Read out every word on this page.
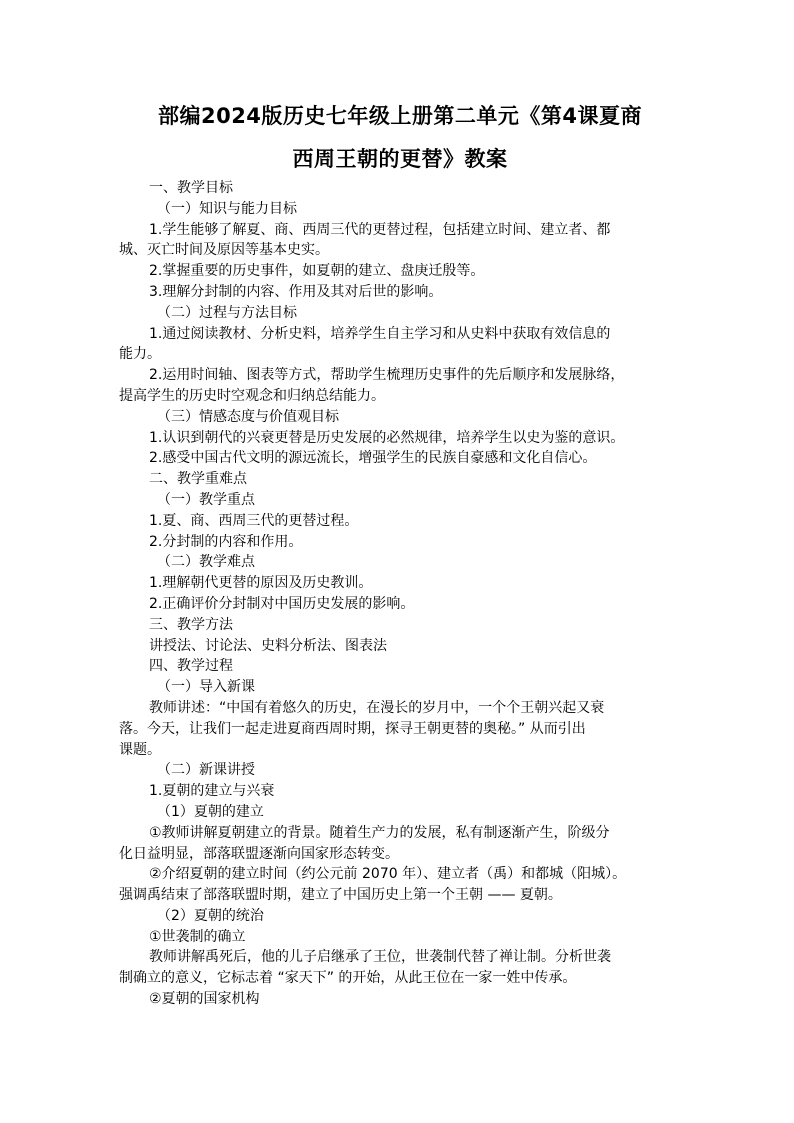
部编2024版历史七年级上册第二单元《第4课夏商
西周王朝的更替》教案

一、教学目标

（一）知识与能力目标

1.学生能够了解夏、商、西周三代的更替过程，包括建立时间、建立者、都

城、灭亡时间及原因等基本史实。

2.掌握重要的历史事件，如夏朝的建立、盘庚迁殷等。

3.理解分封制的内容、作用及其对后世的影响。

（二）过程与方法目标

1.通过阅读教材、分析史料，培养学生自主学习和从史料中获取有效信息的

能力。

2.运用时间轴、图表等方式，帮助学生梳理历史事件的先后顺序和发展脉络，

提高学生的历史时空观念和归纳总结能力。

（三）情感态度与价值观目标

1.认识到朝代的兴衰更替是历史发展的必然规律，培养学生以史为鉴的意识。

2.感受中国古代文明的源远流长，增强学生的民族自豪感和文化自信心。

二、教学重难点

（一）教学重点

1.夏、商、西周三代的更替过程。

2.分封制的内容和作用。

（二）教学难点

1.理解朝代更替的原因及历史教训。

2.正确评价分封制对中国历史发展的影响。

三、教学方法

讲授法、讨论法、史料分析法、图表法

四、教学过程

（一）导入新课

教师讲述：“中国有着悠久的历史，在漫长的岁月中，一个个王朝兴起又衰

落。今天，让我们一起走进夏商西周时期，探寻王朝更替的奥秘。” 从而引出

课题。

（二）新课讲授

1.夏朝的建立与兴衰

（1）夏朝的建立

①教师讲解夏朝建立的背景。随着生产力的发展，私有制逐渐产生，阶级分

化日益明显，部落联盟逐渐向国家形态转变。

②介绍夏朝的建立时间（约公元前 2070 年）、建立者（禹）和都城（阳城）。

强调禹结束了部落联盟时期，建立了中国历史上第一个王朝 —— 夏朝。

（2）夏朝的统治

①世袭制的确立

教师讲解禹死后，他的儿子启继承了王位，世袭制代替了禅让制。分析世袭

制确立的意义，它标志着 “家天下” 的开始，从此王位在一家一姓中传承。

②夏朝的国家机构
